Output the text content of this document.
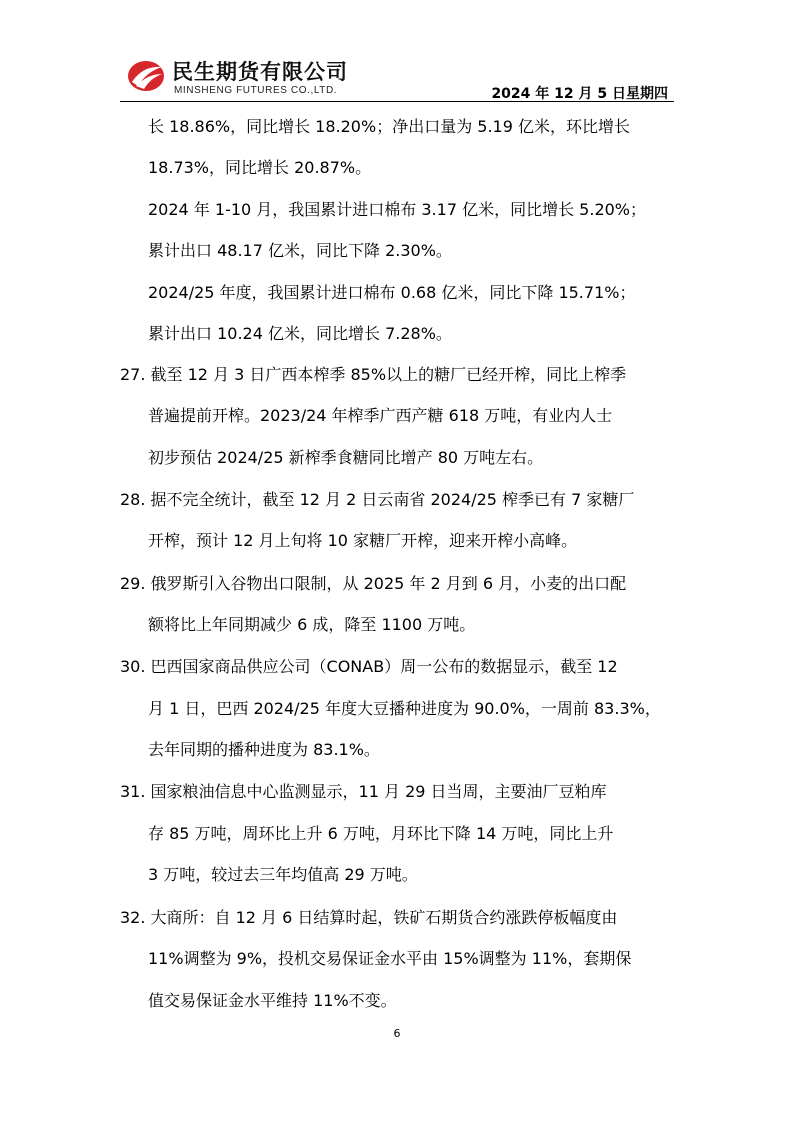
民生期货有限公司
MINSHENG FUTURES CO.,LTD.	2024 年 12 月 5 日星期四
长 18.86%，同比增长 18.20%；净出口量为 5.19 亿米，环比增长
18.73%，同比增长 20.87%。
2024 年 1-10 月，我国累计进口棉布 3.17 亿米，同比增长 5.20%；
累计出口 48.17 亿米，同比下降 2.30%。
2024/25 年度，我国累计进口棉布 0.68 亿米，同比下降 15.71%；
累计出口 10.24 亿米，同比增长 7.28%。
27. 截至 12 月 3 日广西本榨季 85%以上的糖厂已经开榨，同比上榨季
普遍提前开榨。2023/24 年榨季广西产糖 618 万吨，有业内人士
初步预估 2024/25 新榨季食糖同比增产 80 万吨左右。
28. 据不完全统计，截至 12 月 2 日云南省 2024/25 榨季已有 7 家糖厂
开榨，预计 12 月上旬将 10 家糖厂开榨，迎来开榨小高峰。
29. 俄罗斯引入谷物出口限制，从 2025 年 2 月到 6 月，小麦的出口配
额将比上年同期减少 6 成，降至 1100 万吨。
30. 巴西国家商品供应公司（CONAB）周一公布的数据显示，截至 12
月 1 日，巴西 2024/25 年度大豆播种进度为 90.0%，一周前 83.3%，
去年同期的播种进度为 83.1%。
31. 国家粮油信息中心监测显示，11 月 29 日当周，主要油厂豆粕库
存 85 万吨，周环比上升 6 万吨，月环比下降 14 万吨，同比上升
3 万吨，较过去三年均值高 29 万吨。
32. 大商所：自 12 月 6 日结算时起，铁矿石期货合约涨跌停板幅度由
11%调整为 9%，投机交易保证金水平由 15%调整为 11%，套期保
值交易保证金水平维持 11%不变。
6
